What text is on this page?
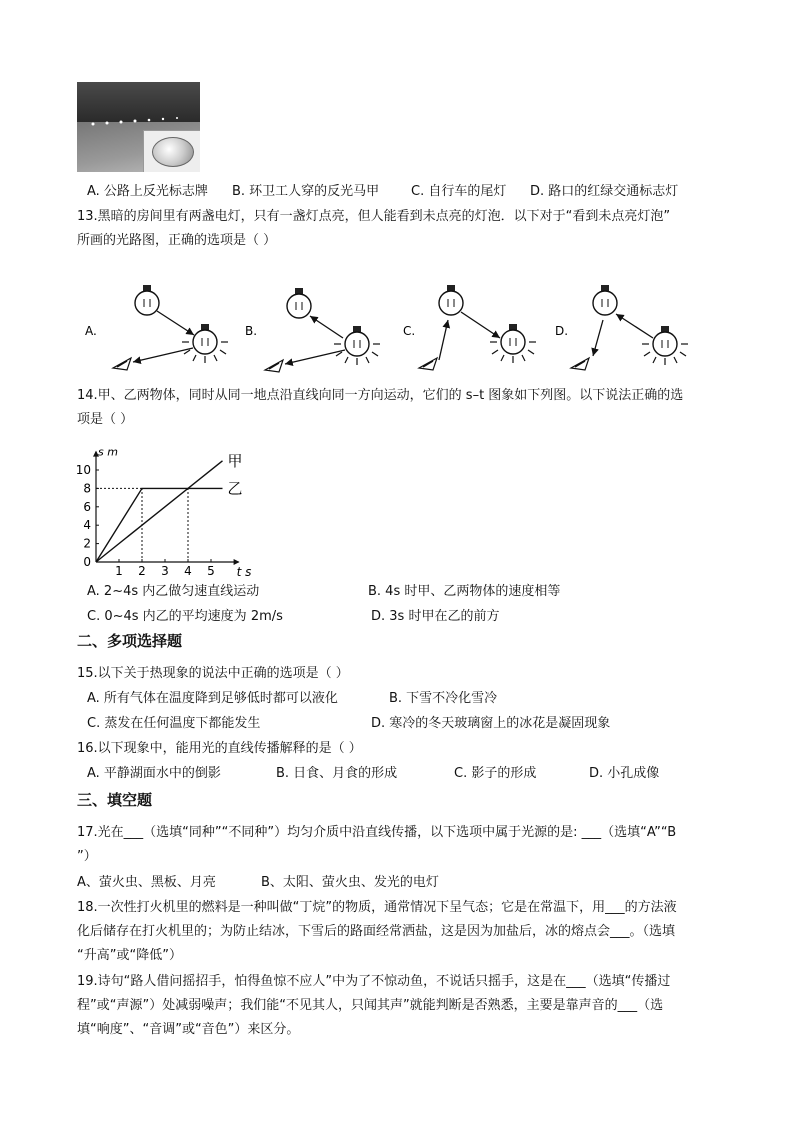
A. 公路上反光标志牌 B. 环卫工人穿的反光马甲 C. 自行车的尾灯 D. 路口的红绿交通标志灯
13.黑暗的房间里有两盏电灯，只有一盏灯点亮，但人能看到未点亮的灯泡．以下对于“看到未点亮灯泡”
所画的光路图，正确的选项是（ ）
A.	B.	C.	D.
14.甲、乙两物体，同时从同一地点沿直线向同一方向运动，它们的 s–t 图象如下列图。以下说法正确的选
项是（ ）
1 2 3 4 5
2
4
6
8
10
0
s m
t s
甲
乙
A. 2~4s 内乙做匀速直线运动	B. 4s 时甲、乙两物体的速度相等
C. 0~4s 内乙的平均速度为 2m/s	D. 3s 时甲在乙的前方
二、多项选择题
15.以下关于热现象的说法中正确的选项是（ ）
A. 所有气体在温度降到足够低时都可以液化	B. 下雪不冷化雪冷
C. 蒸发在任何温度下都能发生	D. 寒冷的冬天玻璃窗上的冰花是凝固现象
16.以下现象中，能用光的直线传播解释的是（ ）
A. 平静湖面水中的倒影	B. 日食、月食的形成	C. 影子的形成	D. 小孔成像
三、填空题
17.光在___（选填“同种”“不同种”）均匀介质中沿直线传播，以下选项中属于光源的是: ___（选填“A”“B
”）
A、萤火虫、黑板、月亮	B、太阳、萤火虫、发光的电灯
18.一次性打火机里的燃料是一种叫做“丁烷”的物质，通常情况下呈气态；它是在常温下，用___的方法液
化后储存在打火机里的；为防止结冰，下雪后的路面经常洒盐，这是因为加盐后，冰的熔点会___。（选填
“升高”或“降低”）
19.诗句“路人借问摇招手，怕得鱼惊不应人”中为了不惊动鱼，不说话只摇手，这是在___（选填“传播过
程”或“声源”）处减弱噪声；我们能“不见其人，只闻其声”就能判断是否熟悉，主要是靠声音的___（选
填“响度”、“音调”或“音色”）来区分。
